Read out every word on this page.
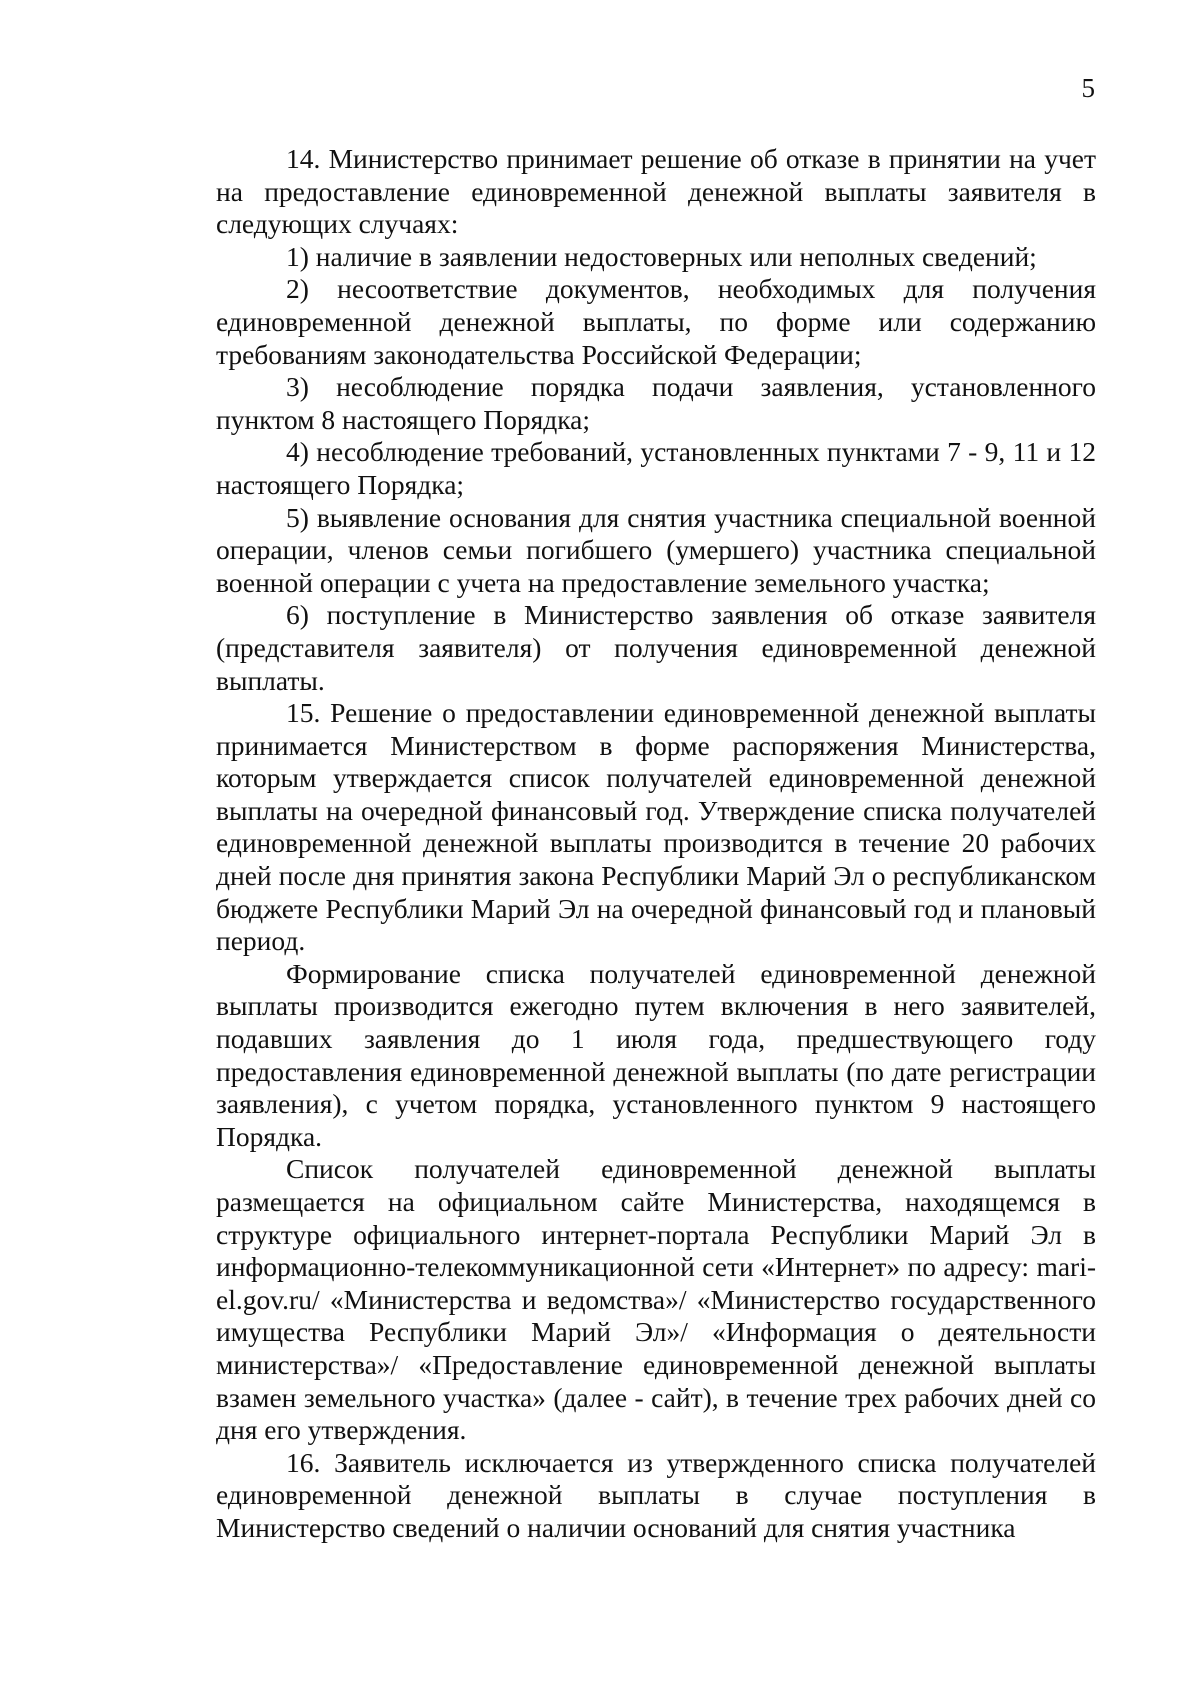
5

14. Министерство принимает решение об отказе в принятии на учет на предоставление единовременной денежной выплаты заявителя в следующих случаях:

1) наличие в заявлении недостоверных или неполных сведений;

2) несоответствие документов, необходимых для получения единовременной денежной выплаты, по форме или содержанию требованиям законодательства Российской Федерации;

3) несоблюдение порядка подачи заявления, установленного пунктом 8 настоящего Порядка;

4) несоблюдение требований, установленных пунктами 7 - 9, 11 и 12 настоящего Порядка;

5) выявление основания для снятия участника специальной военной операции, членов семьи погибшего (умершего) участника специальной военной операции с учета на предоставление земельного участка;

6) поступление в Министерство заявления об отказе заявителя (представителя заявителя) от получения единовременной денежной выплаты.

15. Решение о предоставлении единовременной денежной выплаты принимается Министерством в форме распоряжения Министерства, которым утверждается список получателей единовременной денежной выплаты на очередной финансовый год. Утверждение списка получателей единовременной денежной выплаты производится в течение 20 рабочих дней после дня принятия закона Республики Марий Эл о республиканском бюджете Республики Марий Эл на очередной финансовый год и плановый период.

Формирование списка получателей единовременной денежной выплаты производится ежегодно путем включения в него заявителей, подавших заявления до 1 июля года, предшествующего году предоставления единовременной денежной выплаты (по дате регистрации заявления), с учетом порядка, установленного пунктом 9 настоящего Порядка.

Список получателей единовременной денежной выплаты размещается на официальном сайте Министерства, находящемся в структуре официального интернет-портала Республики Марий Эл в информационно-телекоммуникационной сети «Интернет» по адресу: mari-el.gov.ru/ «Министерства и ведомства»/ «Министерство государственного имущества Республики Марий Эл»/ «Информация о деятельности министерства»/ «Предоставление единовременной денежной выплаты взамен земельного участка» (далее - сайт), в течение трех рабочих дней со дня его утверждения.

16. Заявитель исключается из утвержденного списка получателей единовременной денежной выплаты в случае поступления в Министерство сведений о наличии оснований для снятия участника
